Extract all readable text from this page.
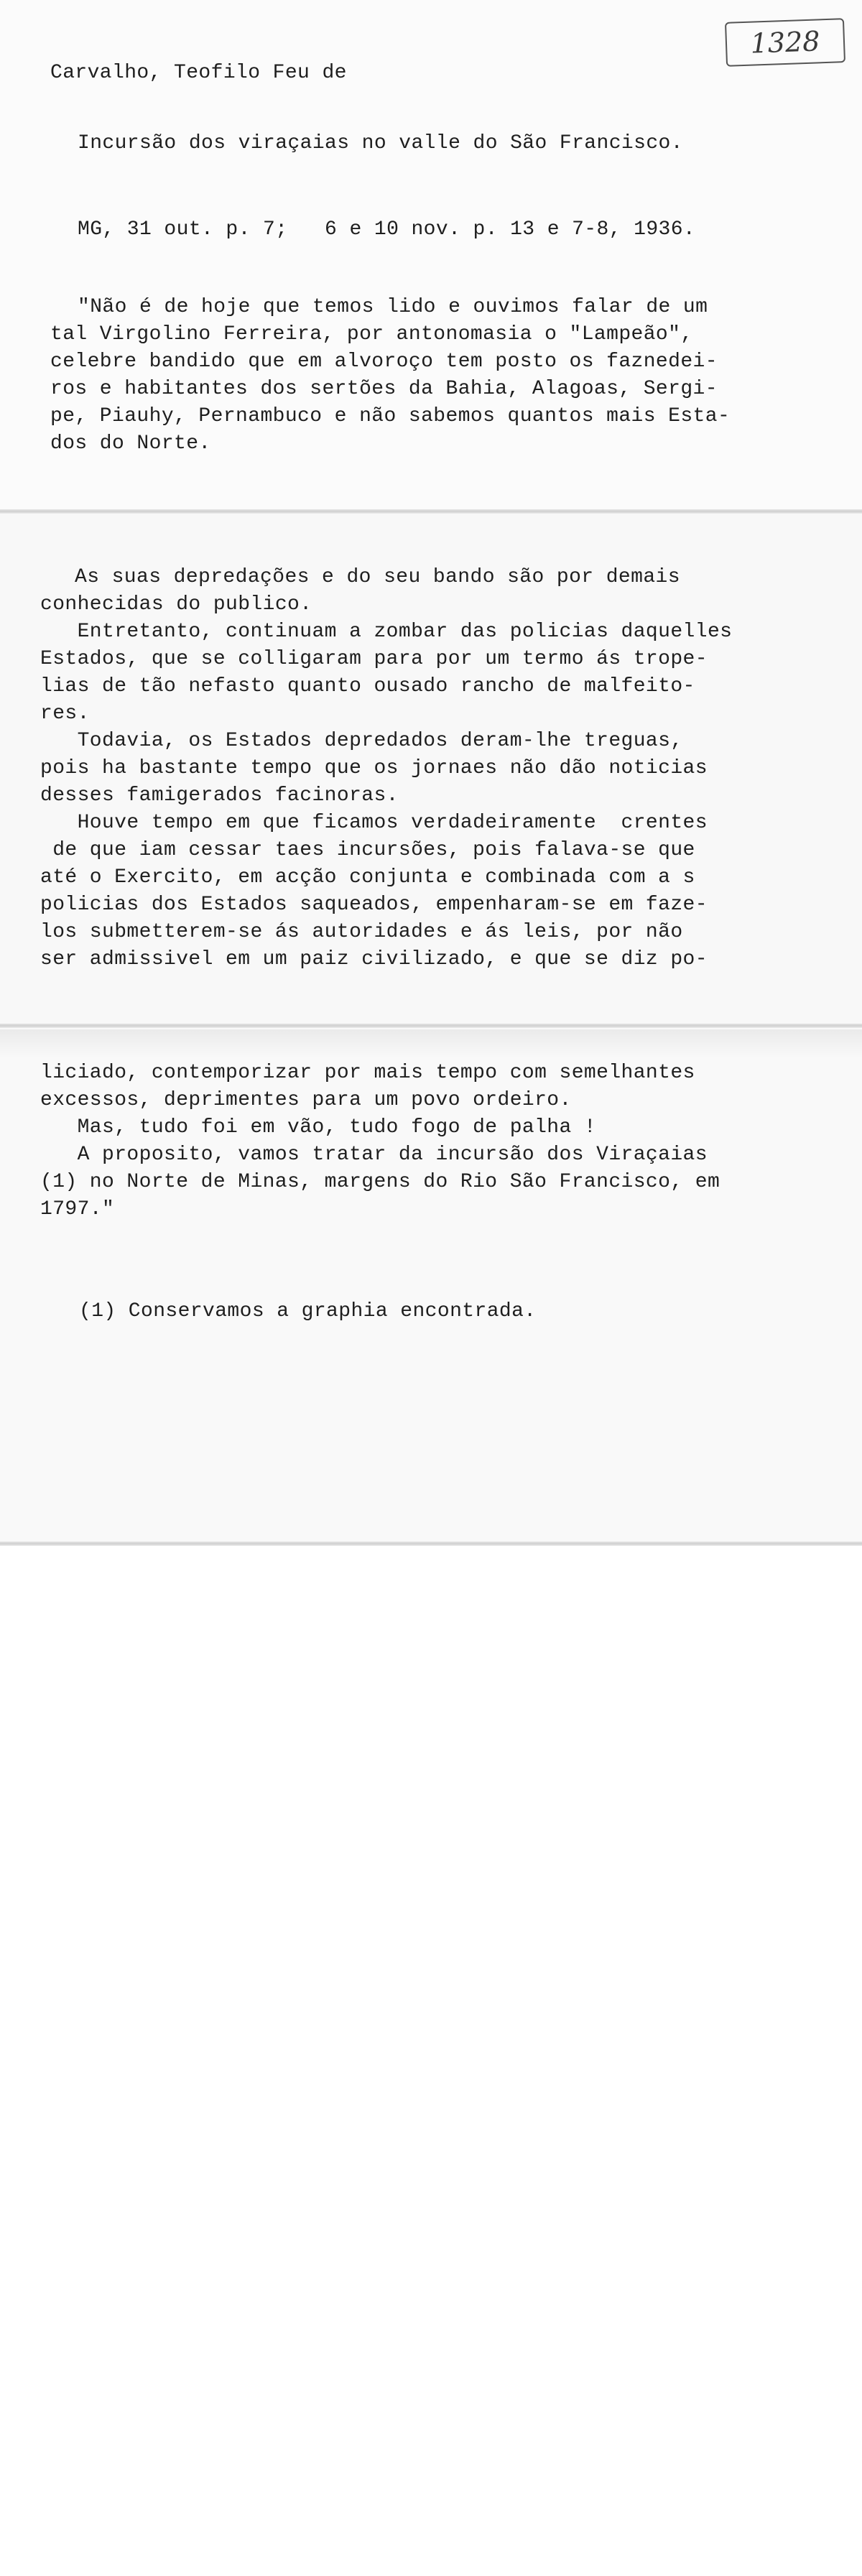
1328
Carvalho, Teofilo Feu de
Incursão dos viraçaias no valle do São Francisco.
MG, 31 out. p. 7;   6 e 10 nov. p. 13 e 7-8, 1936.
"Não é de hoje que temos lido e ouvimos falar de um
tal Virgolino Ferreira, por antonomasia o "Lampeão",
celebre bandido que em alvoroço tem posto os faznedei-
ros e habitantes dos sertões da Bahia, Alagoas, Sergi-
pe, Piauhy, Pernambuco e não sabemos quantos mais Esta-
dos do Norte.
As suas depredações e do seu bando são por demais
conhecidas do publico.
Entretanto, continuam a zombar das policias daquelles
Estados, que se colligaram para por um termo ás trope-
lias de tão nefasto quanto ousado rancho de malfeito-
res.
Todavia, os Estados depredados deram-lhe treguas,
pois ha bastante tempo que os jornaes não dão noticias
desses famigerados facinoras.
Houve tempo em que ficamos verdadeiramente  crentes
de que iam cessar taes incursões, pois falava-se que
até o Exercito, em acção conjunta e combinada com a s
policias dos Estados saqueados, empenharam-se em faze-
los submetterem-se ás autoridades e ás leis, por não
ser admissivel em um paiz civilizado, e que se diz po-
liciado, contemporizar por mais tempo com semelhantes
excessos, deprimentes para um povo ordeiro.
Mas, tudo foi em vão, tudo fogo de palha !
A proposito, vamos tratar da incursão dos Viraçaias
(1) no Norte de Minas, margens do Rio São Francisco, em
1797."
(1) Conservamos a graphia encontrada.
